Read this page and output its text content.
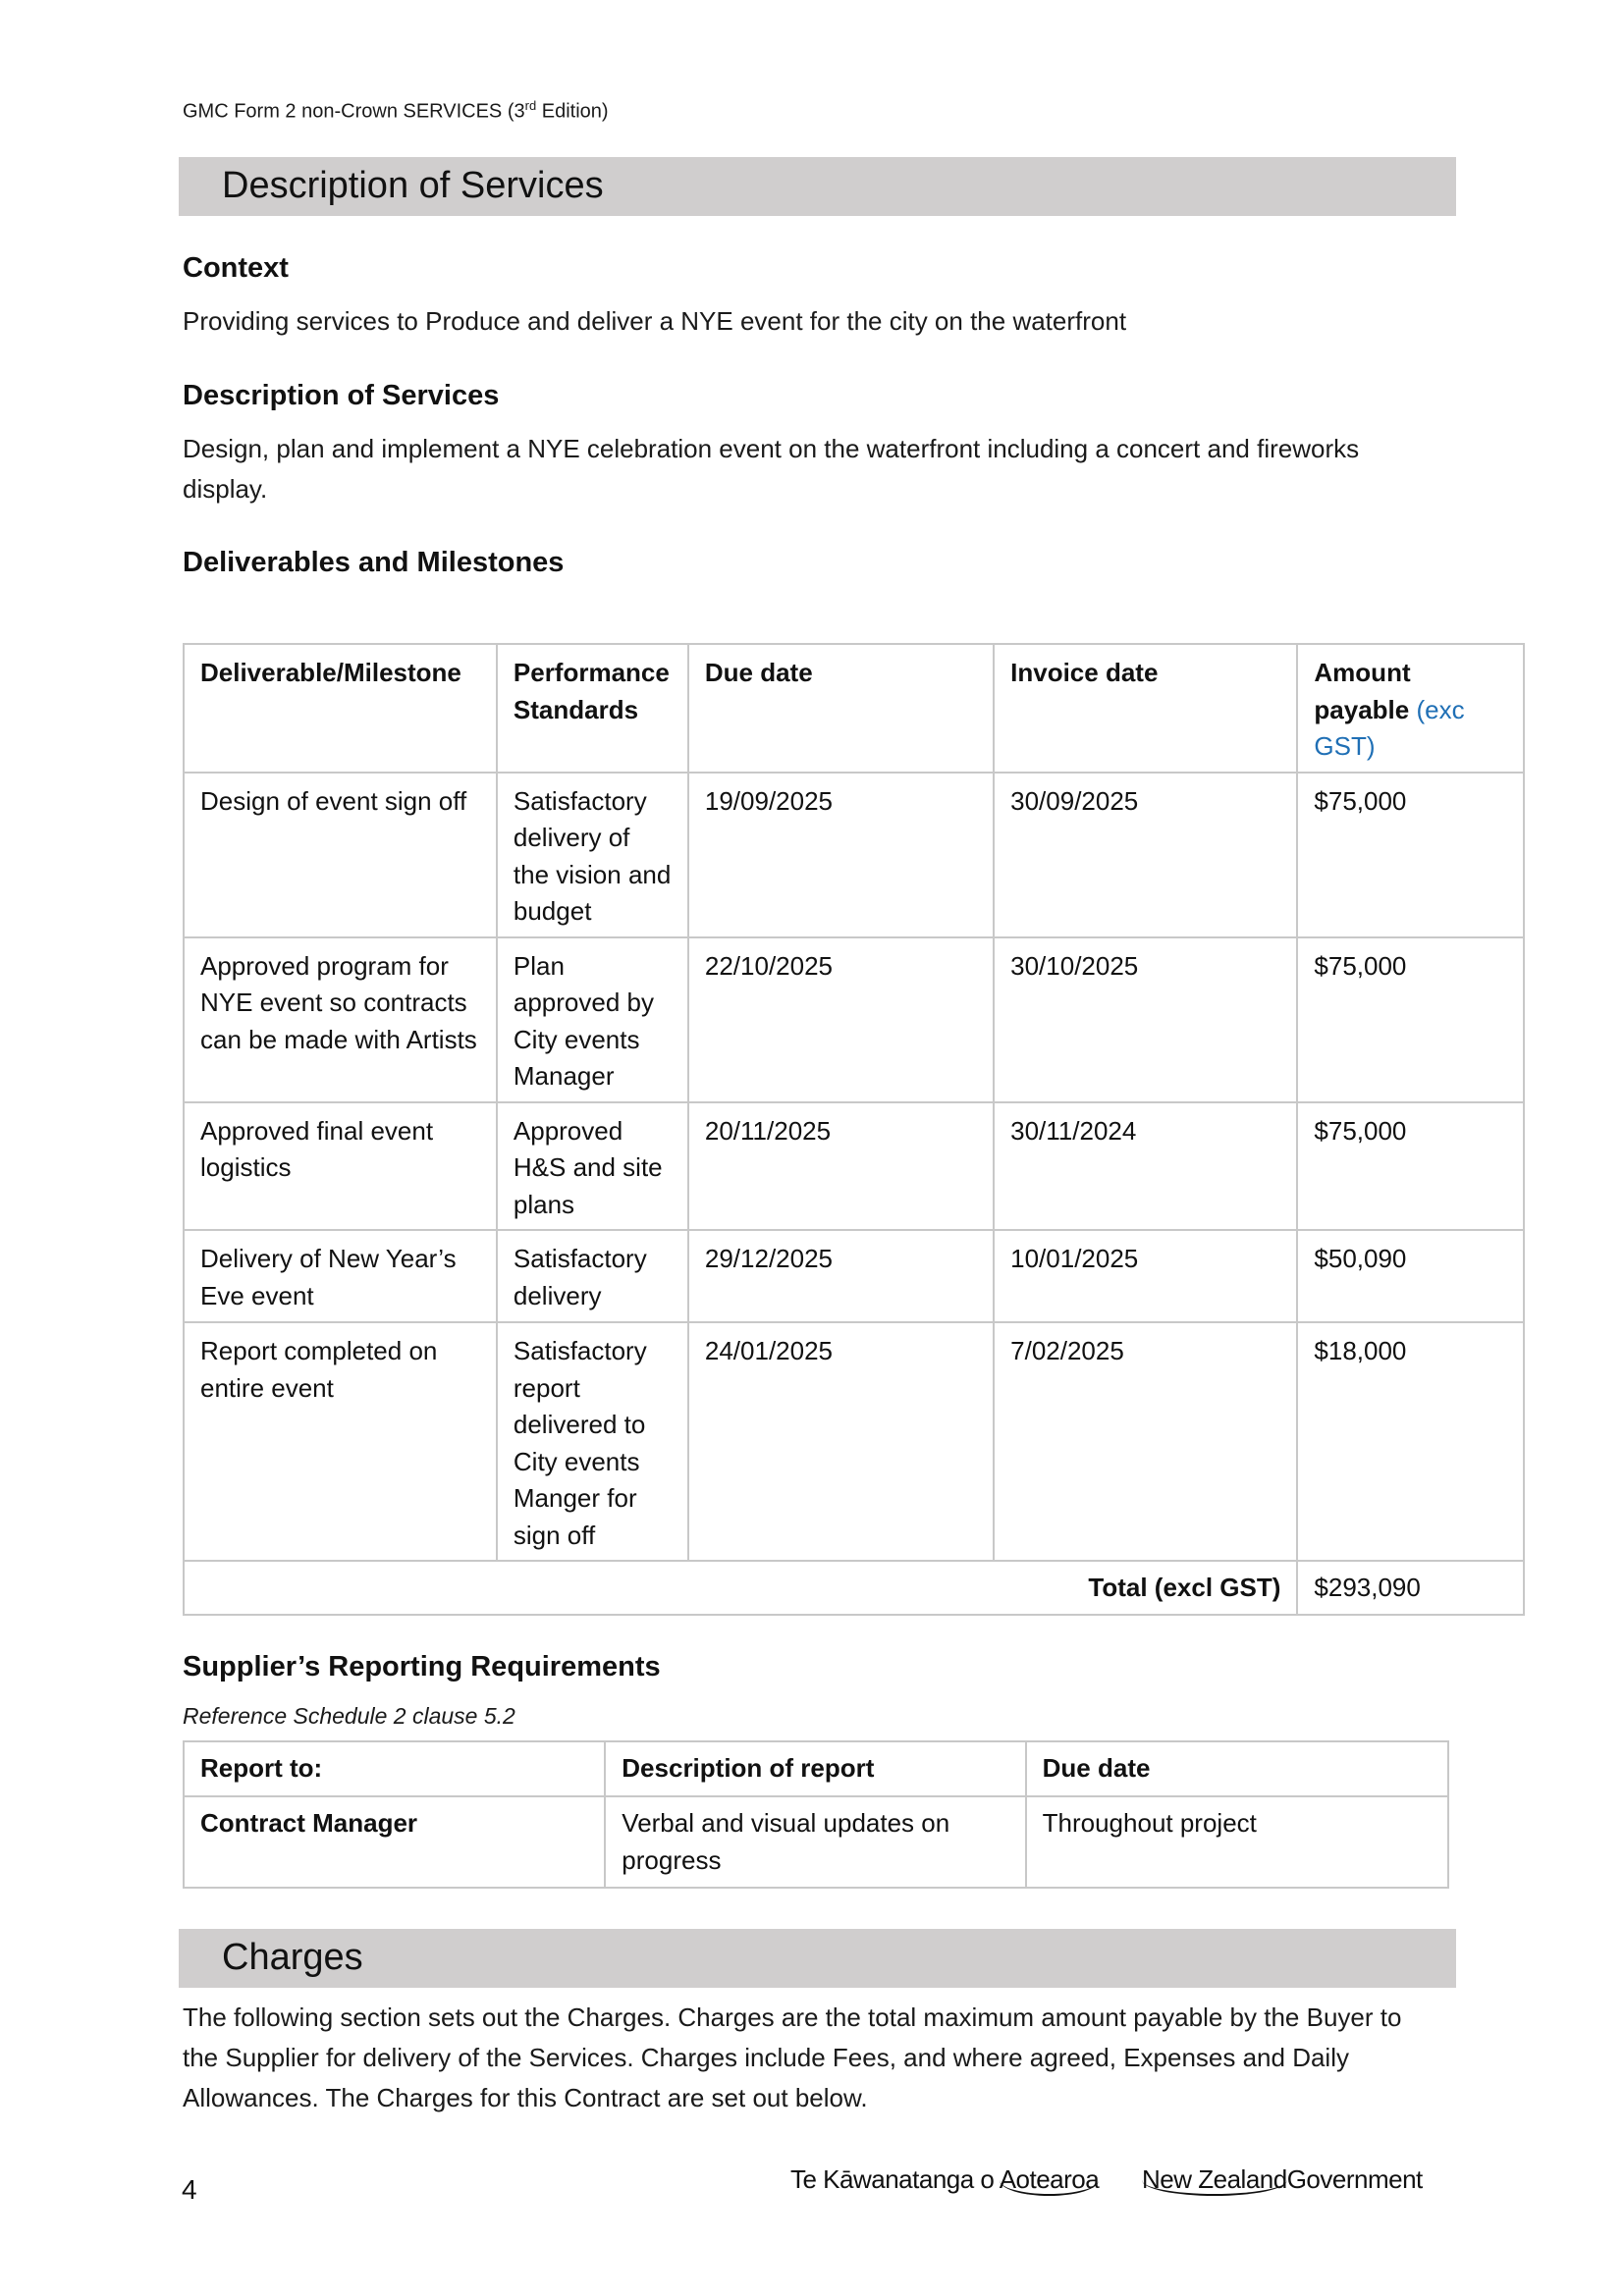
GMC Form 2 non-Crown SERVICES (3rd Edition)
Description of Services
Context
Providing services to Produce and deliver a NYE event for the city on the waterfront
Description of Services
Design, plan and implement a NYE celebration event on the waterfront including a concert and fireworks display.
Deliverables and Milestones
Deliverable/Milestone	Performance Standards	Due date	Invoice date	Amount payable (exc GST)
Design of event sign off	Satisfactory delivery of the vision and budget	19/09/2025	30/09/2025	$75,000
Approved program for NYE event so contracts can be made with Artists	Plan approved by City events Manager	22/10/2025	30/10/2025	$75,000
Approved final event logistics	Approved H&S and site plans	20/11/2025	30/11/2024	$75,000
Delivery of New Year’s Eve event	Satisfactory delivery	29/12/2025	10/01/2025	$50,090
Report completed on entire event	Satisfactory report delivered to City events Manger for sign off	24/01/2025	7/02/2025	$18,000
Total (excl GST)				$293,090
Supplier’s Reporting Requirements
Reference Schedule 2 clause 5.2
Report to:	Description of report	Due date
Contract Manager	Verbal and visual updates on progress	Throughout project
Charges
The following section sets out the Charges. Charges are the total maximum amount payable by the Buyer to the Supplier for delivery of the Services. Charges include Fees, and where agreed, Expenses and Daily Allowances. The Charges for this Contract are set out below.
4	Te Kāwanatanga o Aotearoa New ZealandGovernment
